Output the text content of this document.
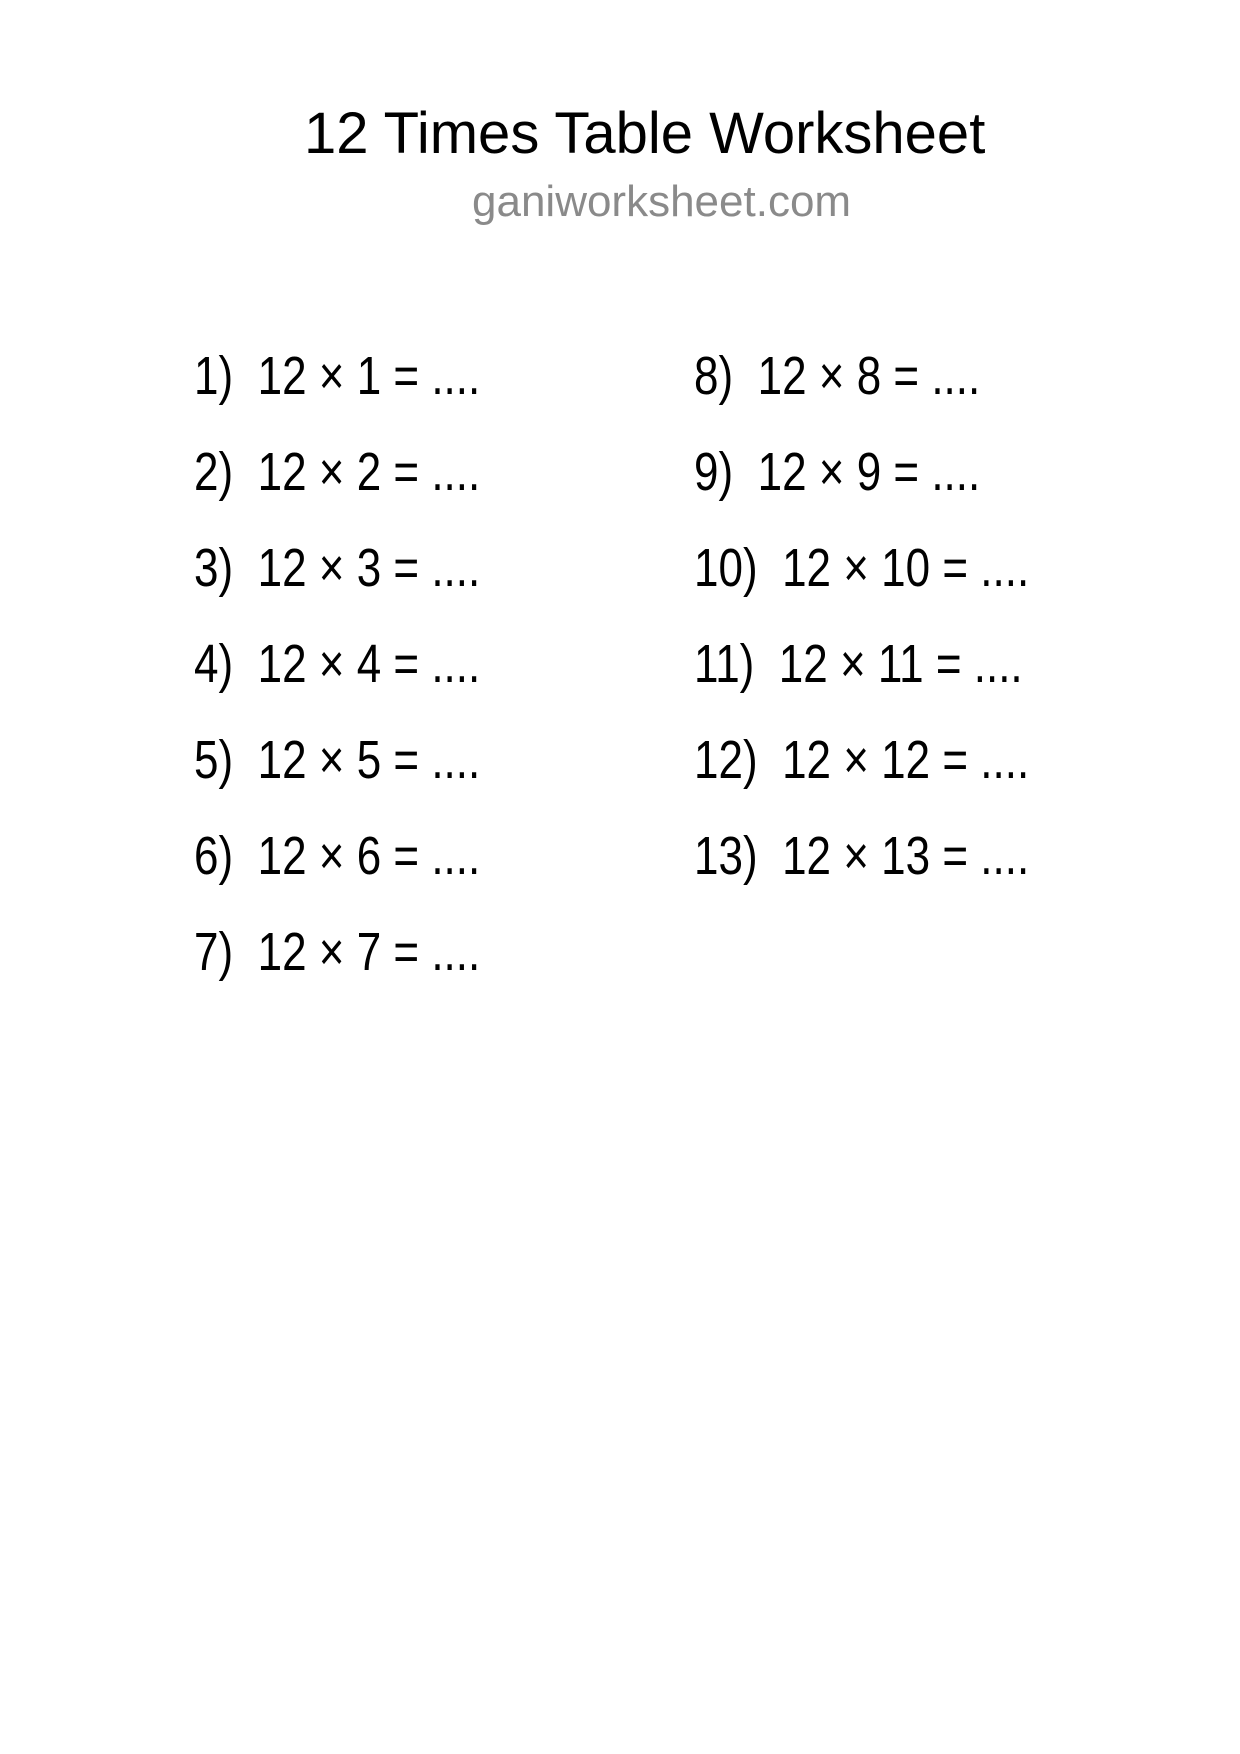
12 Times Table Worksheet
ganiworksheet.com
1)  12 × 1 = ....
2)  12 × 2 = ....
3)  12 × 3 = ....
4)  12 × 4 = ....
5)  12 × 5 = ....
6)  12 × 6 = ....
7)  12 × 7 = ....
8)  12 × 8 = ....
9)  12 × 9 = ....
10)  12 × 10 = ....
11)  12 × 11 = ....
12)  12 × 12 = ....
13)  12 × 13 = ....
